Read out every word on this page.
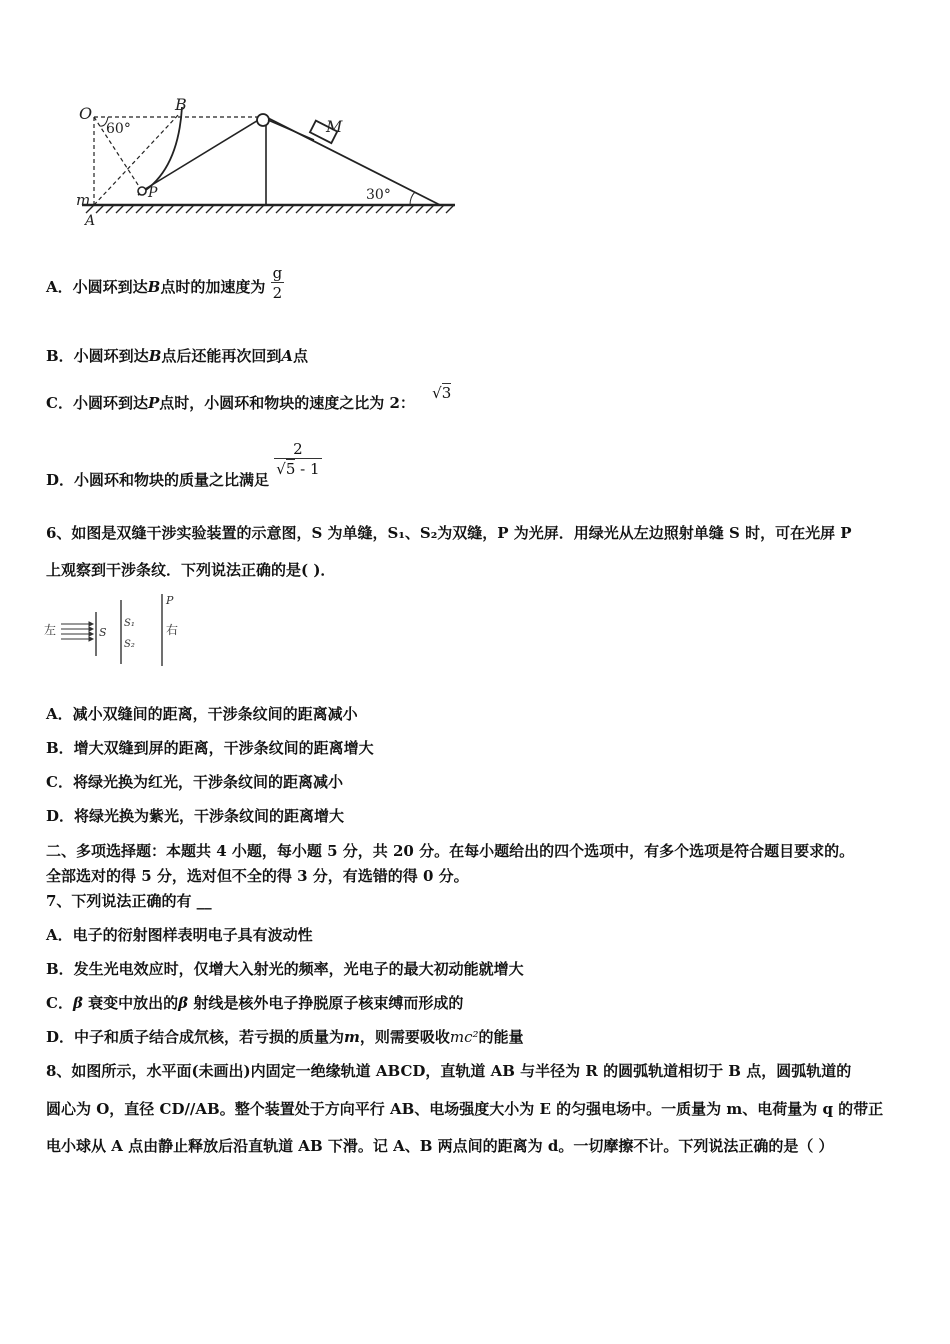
O
60°
B
M
P
m
A
30°
A．小圆环到达B点时的加速度为 $\frac{g}{2}$
B．小圆环到达B点后还能再次回到A点
C．小圆环到达P点时，小圆环和物块的速度之比为 2： √3
D．小圆环和物块的质量之比满足
$\frac{2}{√5 - 1}$
6、如图是双缝干涉实验装置的示意图，S 为单缝，S₁、S₂为双缝，P 为光屏．用绿光从左边照射单缝 S 时，可在光屏 P
上观察到干涉条纹．下列说法正确的是( )．
左	S
S₁
S₂
P
右
A．减小双缝间的距离，干涉条纹间的距离减小
B．增大双缝到屏的距离，干涉条纹间的距离增大
C．将绿光换为红光，干涉条纹间的距离减小
D．将绿光换为紫光，干涉条纹间的距离增大
二、多项选择题：本题共 4 小题，每小题 5 分，共 20 分。在每小题给出的四个选项中，有多个选项是符合题目要求的。
全部选对的得 5 分，选对但不全的得 3 分，有选错的得 0 分。
7、下列说法正确的有 __
A．电子的衍射图样表明电子具有波动性
B．发生光电效应时，仅增大入射光的频率，光电子的最大初动能就增大
C．β 衰变中放出的β 射线是核外电子挣脱原子核束缚而形成的
D．中子和质子结合成氘核，若亏损的质量为m，则需要吸收mc²的能量
8、如图所示，水平面(未画出)内固定一绝缘轨道 ABCD，直轨道 AB 与半径为 R 的圆弧轨道相切于 B 点，圆弧轨道的
圆心为 O，直径 CD//AB。整个装置处于方向平行 AB、电场强度大小为 E 的匀强电场中。一质量为 m、电荷量为 q 的带正
电小球从 A 点由静止释放后沿直轨道 AB 下滑。记 A、B 两点间的距离为 d。一切摩擦不计。下列说法正确的是（ ）
